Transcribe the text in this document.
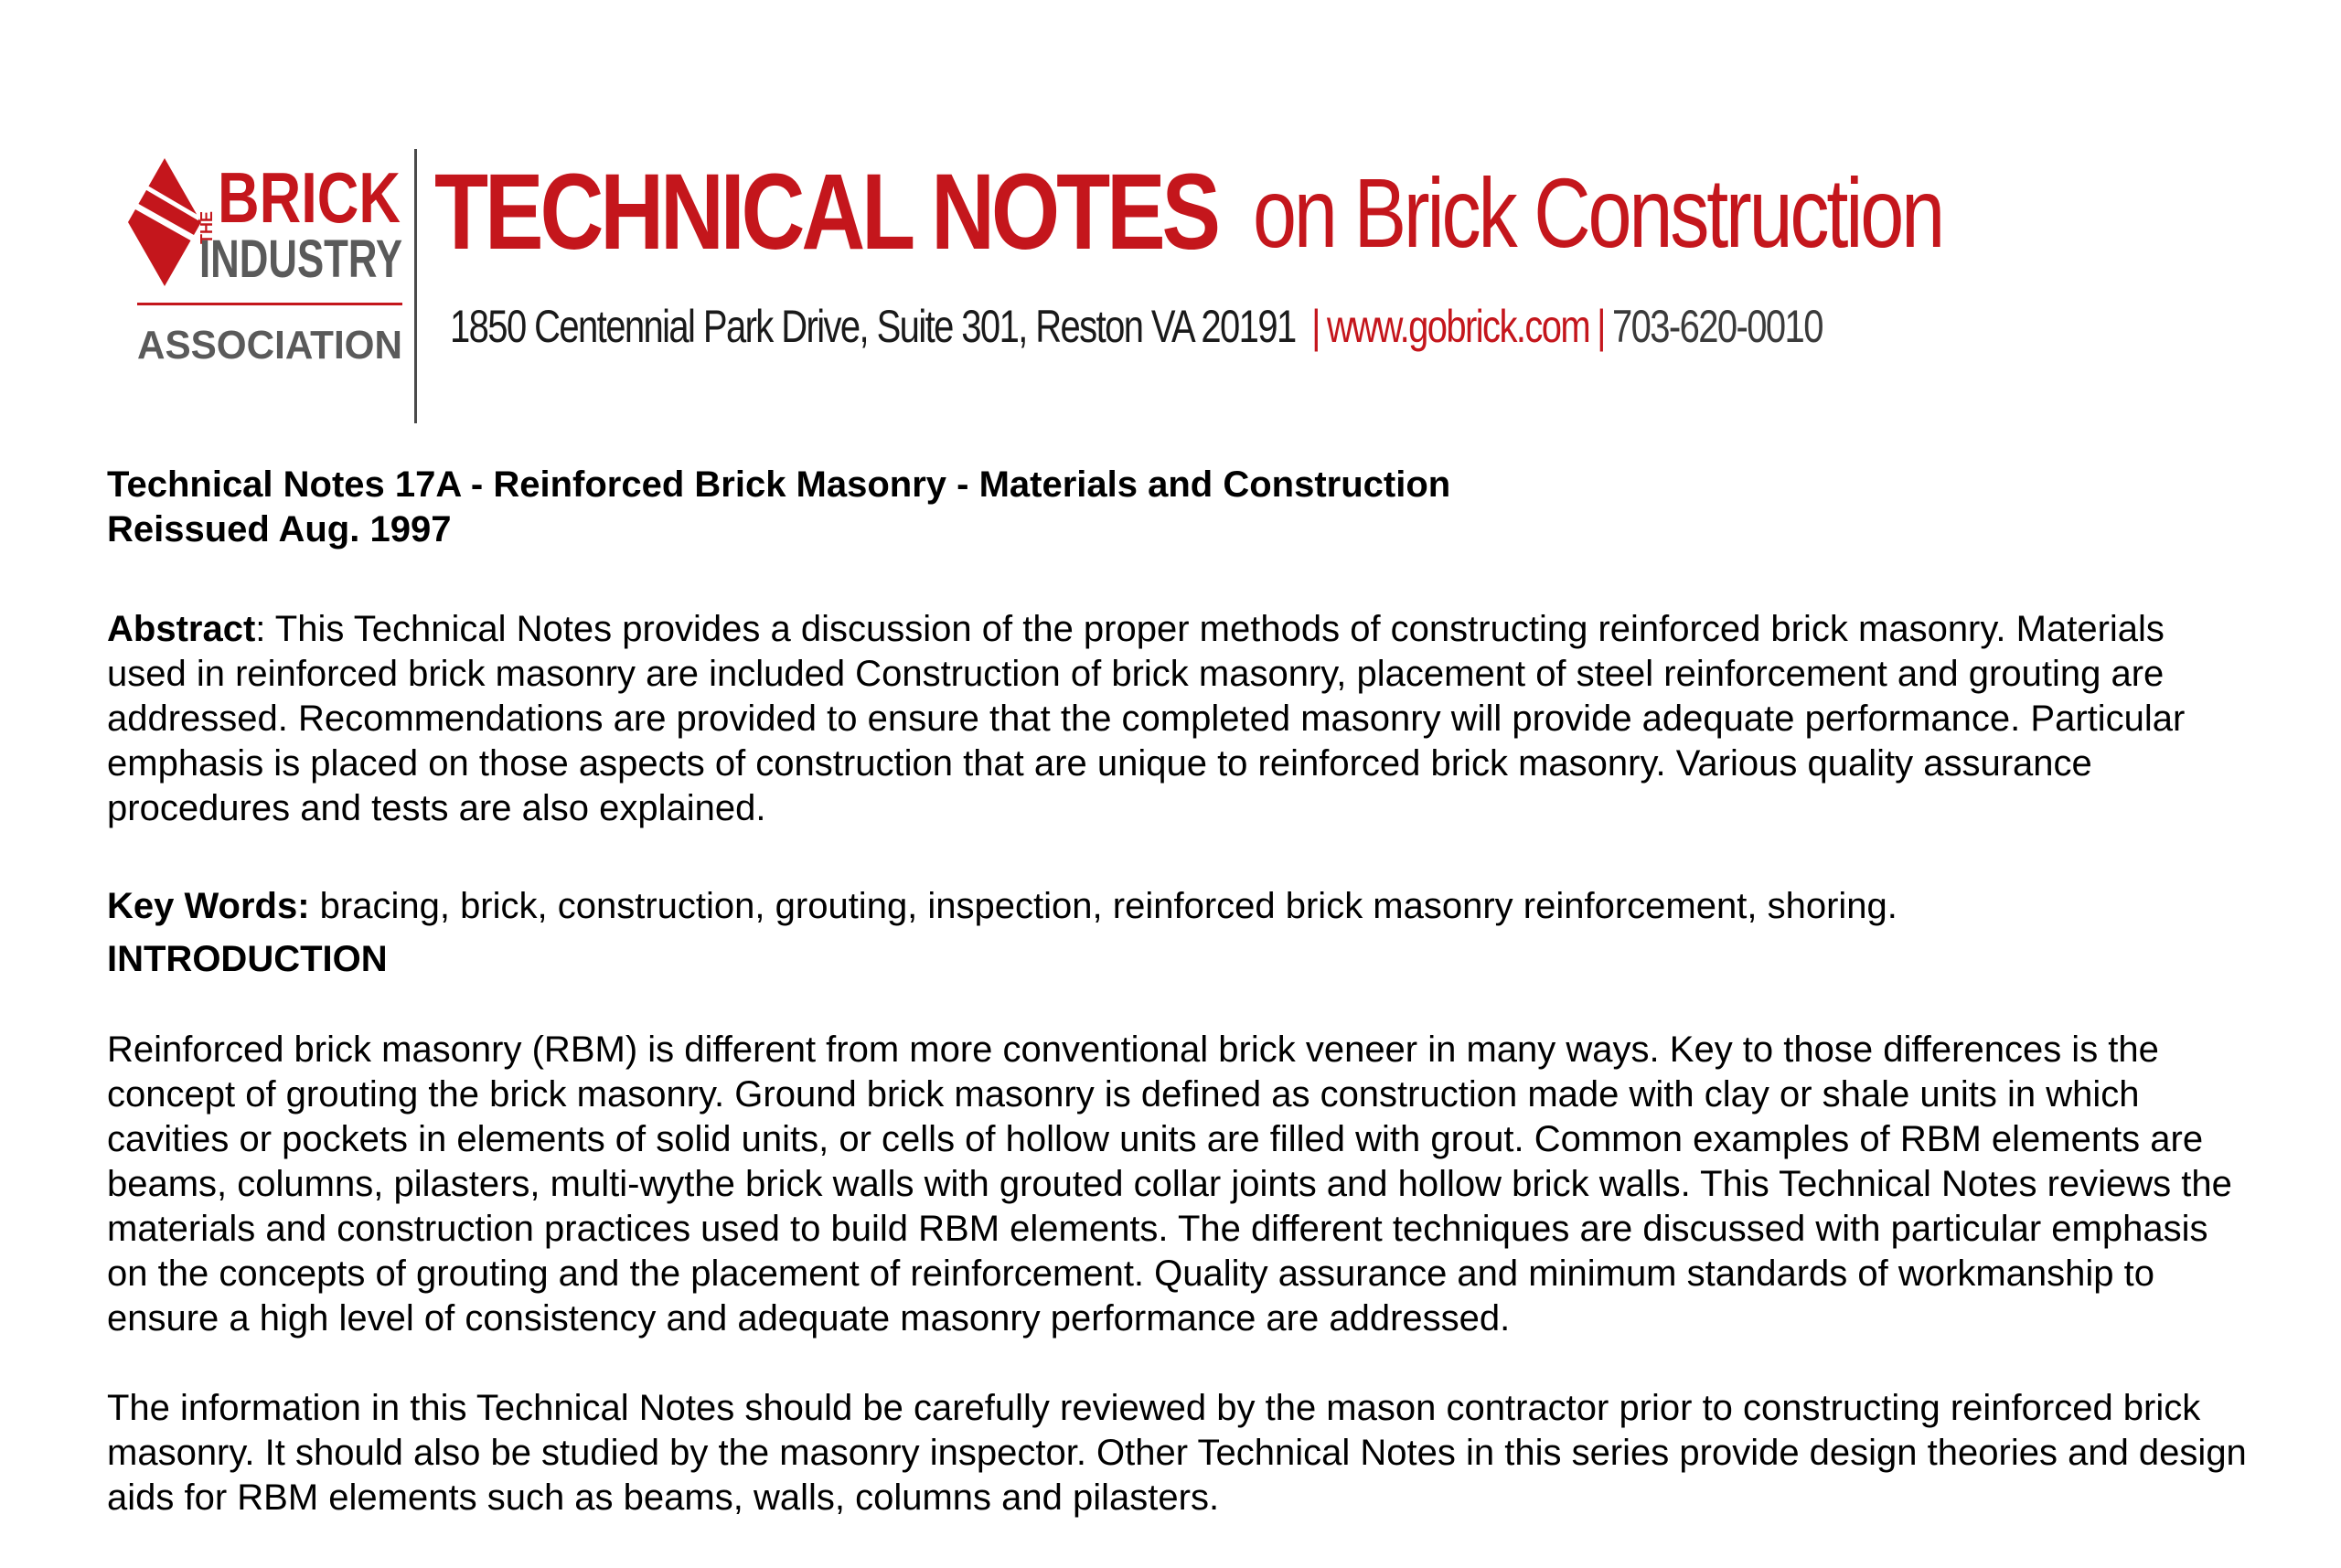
THE BRICK
INDUSTRY
ASSOCIATION
TECHNICAL NOTES on Brick Construction
1850 Centennial Park Drive, Suite 301, Reston VA 20191 | www.gobrick.com | 703-620-0010

Technical Notes 17A - Reinforced Brick Masonry - Materials and Construction

Reissued Aug. 1997

Abstract: This Technical Notes provides a discussion of the proper methods of constructing reinforced brick masonry. Materials used in reinforced brick masonry are included Construction of brick masonry, placement of steel reinforcement and grouting are addressed. Recommendations are provided to ensure that the completed masonry will provide adequate performance. Particular emphasis is placed on those aspects of construction that are unique to reinforced brick masonry. Various quality assurance procedures and tests are also explained.

Key Words: bracing, brick, construction, grouting, inspection, reinforced brick masonry reinforcement, shoring.

INTRODUCTION

Reinforced brick masonry (RBM) is different from more conventional brick veneer in many ways. Key to those differences is the concept of grouting the brick masonry. Ground brick masonry is defined as construction made with clay or shale units in which cavities or pockets in elements of solid units, or cells of hollow units are filled with grout. Common examples of RBM elements are beams, columns, pilasters, multi-wythe brick walls with grouted collar joints and hollow brick walls. This Technical Notes reviews the materials and construction practices used to build RBM elements. The different techniques are discussed with particular emphasis on the concepts of grouting and the placement of reinforcement. Quality assurance and minimum standards of workmanship to ensure a high level of consistency and adequate masonry performance are addressed.

The information in this Technical Notes should be carefully reviewed by the mason contractor prior to constructing reinforced brick masonry. It should also be studied by the masonry inspector. Other Technical Notes in this series provide design theories and design aids for RBM elements such as beams, walls, columns and pilasters.
